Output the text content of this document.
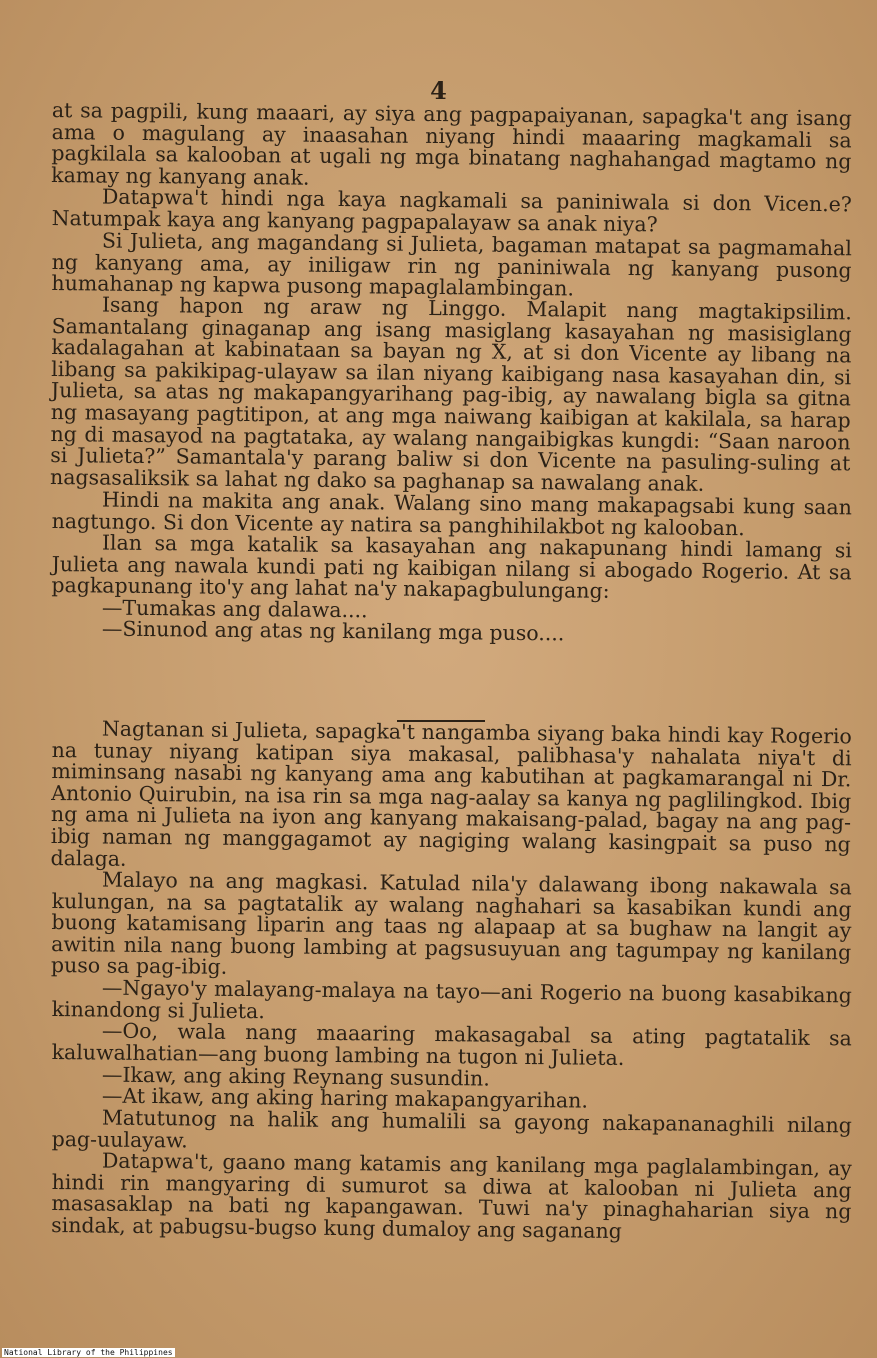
4

at sa pagpili, kung maaari, ay siya ang pagpapaiyanan, sapagka't ang isang ama o magulang ay inaasahan niyang hindi maaaring magkamali sa pagkilala sa kalooban at ugali ng mga binatang naghahangad magtamo ng kamay ng kanyang anak.

Datapwa't hindi nga kaya nagkamali sa paniniwala si don Vicen.e? Natumpak kaya ang kanyang pagpapalayaw sa anak niya?

Si Julieta, ang magandang si Julieta, bagaman matapat sa pagmamahal ng kanyang ama, ay iniligaw rin ng paniniwala ng kanyang pusong humahanap ng kapwa pusong mapaglalambingan.

Isang hapon ng araw ng Linggo. Malapit nang magtakipsilim. Samantalang ginaganap ang isang masiglang kasayahan ng masisiglang kadalagahan at kabinataan sa bayan ng X, at si don Vicente ay libang na libang sa pakikipag-ulayaw sa ilan niyang kaibigang nasa kasayahan din, si Julieta, sa atas ng makapangyarihang pag-ibig, ay nawalang bigla sa gitna ng masayang pagtitipon, at ang mga naiwang kaibigan at kakilala, sa harap ng di masayod na pagtataka, ay walang nangaibigkas kungdi: “Saan naroon si Julieta?” Samantala'y parang baliw si don Vicente na pasuling-suling at nagsasaliksik sa lahat ng dako sa paghanap sa nawalang anak.

Hindi na makita ang anak. Walang sino mang makapagsabi kung saan nagtungo. Si don Vicente ay natira sa panghihilakbot ng kalooban.

Ilan sa mga katalik sa kasayahan ang nakapunang hindi lamang si Julieta ang nawala kundi pati ng kaibigan nilang si abogado Rogerio. At sa pagkapunang ito'y ang lahat na'y nakapagbulungang:

—Tumakas ang dalawa....

—Sinunod ang atas ng kanilang mga puso....

Nagtanan si Julieta, sapagka't nangamba siyang baka hindi kay Rogerio na tunay niyang katipan siya makasal, palibhasa'y nahalata niya't di miminsang nasabi ng kanyang ama ang kabutihan at pagkamarangal ni Dr. Antonio Quirubin, na isa rin sa mga nag-aalay sa kanya ng paglilingkod. Ibig ng ama ni Julieta na iyon ang kanyang makaisang-palad, bagay na ang pag-ibig naman ng manggagamot ay nagiging walang kasingpait sa puso ng dalaga.

Malayo na ang magkasi. Katulad nila'y dalawang ibong nakawala sa kulungan, na sa pagtatalik ay walang naghahari sa kasabikan kundi ang buong katamisang liparin ang taas ng alapaap at sa bughaw na langit ay awitin nila nang buong lambing at pagsusuyuan ang tagumpay ng kanilang puso sa pag-ibig.

—Ngayo'y malayang-malaya na tayo—ani Rogerio na buong kasabikang kinandong si Julieta.

—Oo, wala nang maaaring makasagabal sa ating pagtatalik sa kaluwalhatian—ang buong lambing na tugon ni Julieta.

—Ikaw, ang aking Reynang susundin.

—At ikaw, ang aking haring makapangyarihan.

Matutunog na halik ang humalili sa gayong nakapananaghili nilang pag-uulayaw.

Datapwa't, gaano mang katamis ang kanilang mga paglalambingan, ay hindi rin mangyaring di sumurot sa diwa at kalooban ni Julieta ang masasaklap na bati ng kapangawan. Tuwi na'y pinaghaharian siya ng sindak, at pabugsu-bugso kung dumaloy ang saganang

National Library of the Philippines
